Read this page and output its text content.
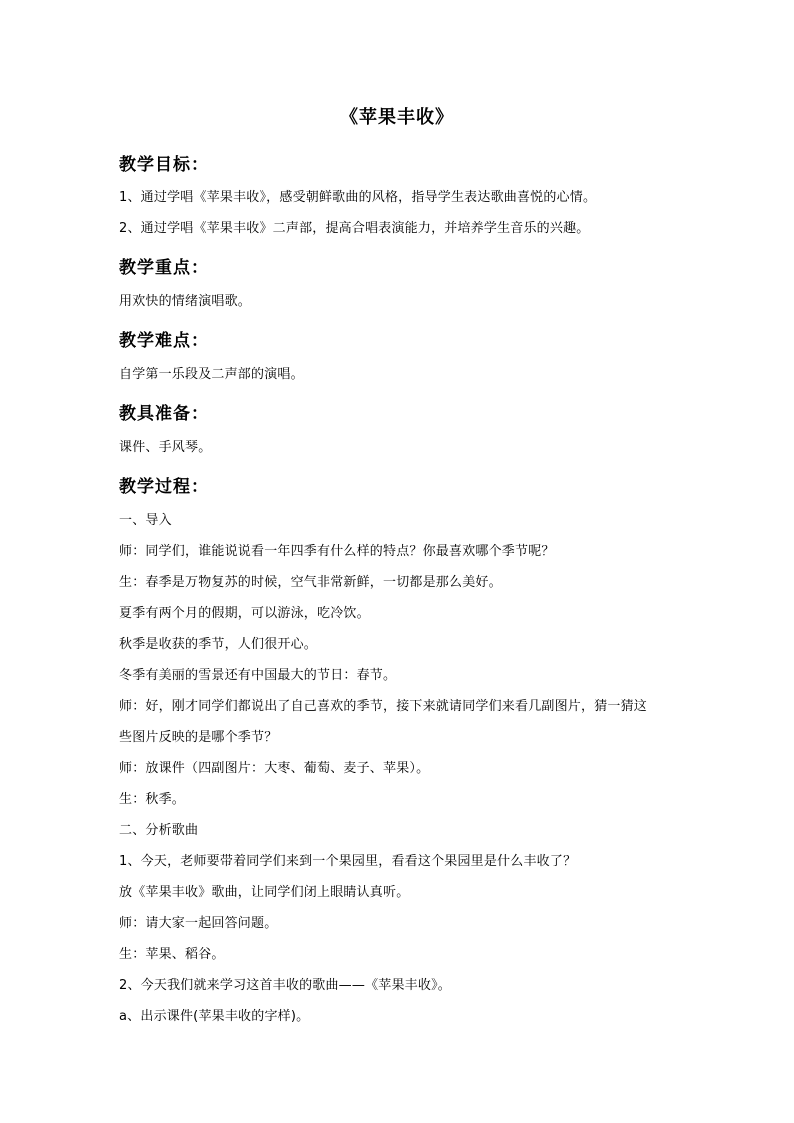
《苹果丰收》
教学目标：
1、通过学唱《苹果丰收》，感受朝鲜歌曲的风格，指导学生表达歌曲喜悦的心情。
2、通过学唱《苹果丰收》二声部，提高合唱表演能力，并培养学生音乐的兴趣。
教学重点：
用欢快的情绪演唱歌。
教学难点：
自学第一乐段及二声部的演唱。
教具准备：
课件、手风琴。
教学过程：
一、导入
师：同学们，谁能说说看一年四季有什么样的特点？你最喜欢哪个季节呢？
生：春季是万物复苏的时候，空气非常新鲜，一切都是那么美好。
夏季有两个月的假期，可以游泳，吃冷饮。
秋季是收获的季节，人们很开心。
冬季有美丽的雪景还有中国最大的节日：春节。
师：好，刚才同学们都说出了自己喜欢的季节，接下来就请同学们来看几副图片，猜一猜这
些图片反映的是哪个季节？
师：放课件（四副图片：大枣、葡萄、麦子、苹果）。
生：秋季。
二、分析歌曲
1、今天，老师要带着同学们来到一个果园里，看看这个果园里是什么丰收了？
放《苹果丰收》歌曲，让同学们闭上眼睛认真听。
师：请大家一起回答问题。
生：苹果、稻谷。
2、今天我们就来学习这首丰收的歌曲——《苹果丰收》。
a、出示课件(苹果丰收的字样)。
